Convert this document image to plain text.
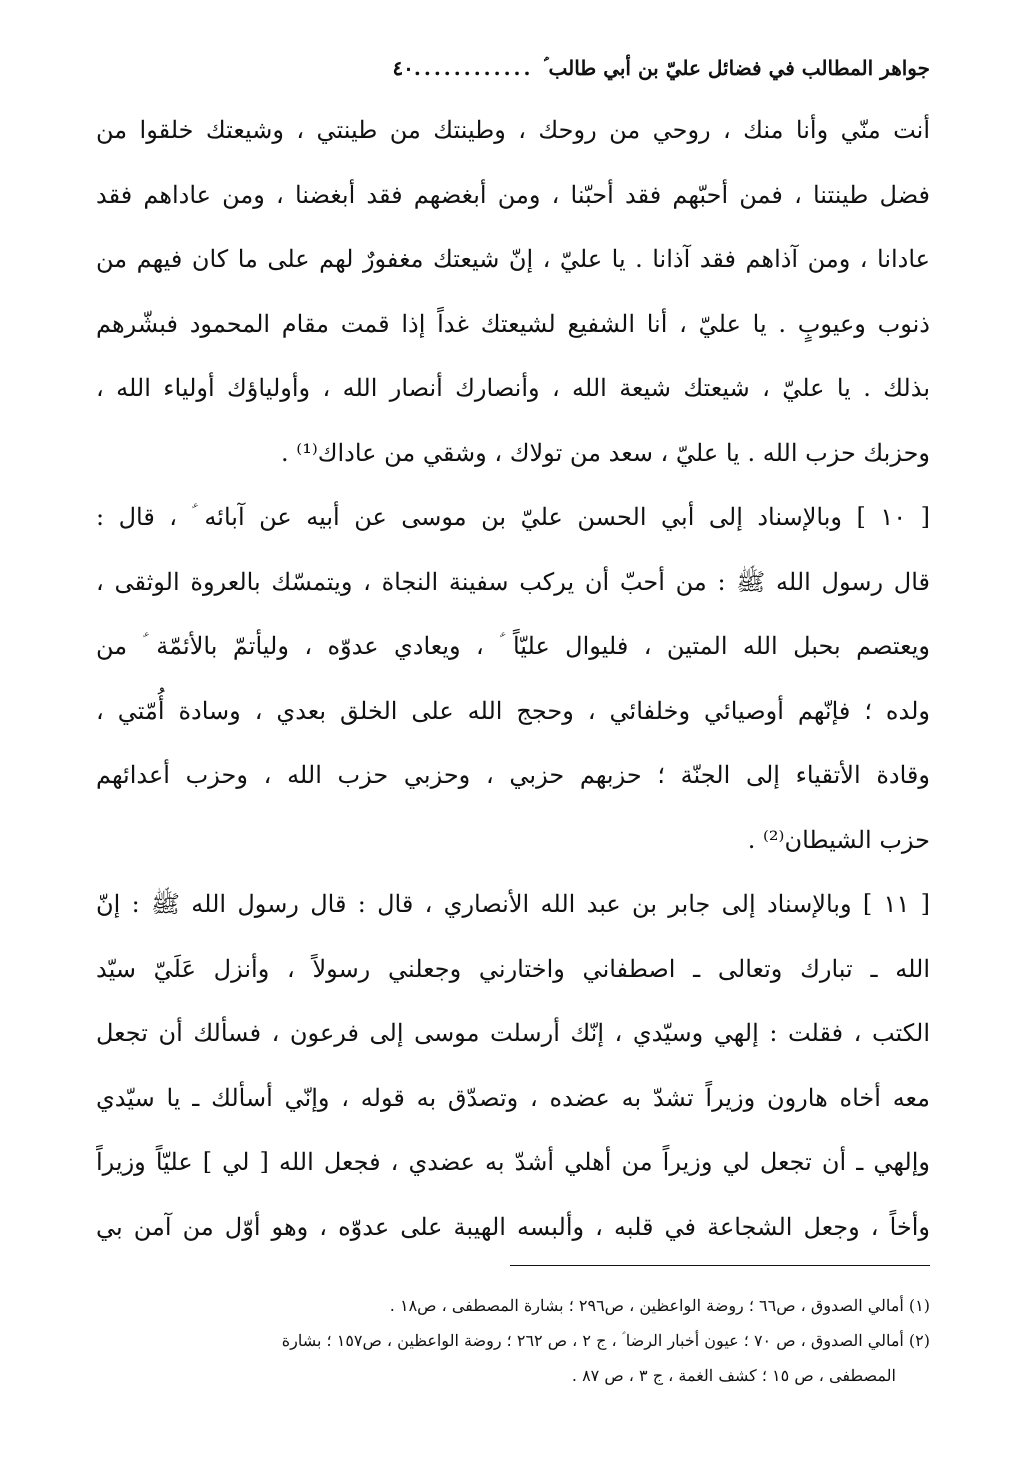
جواهر المطالب في فضائل عليّ بن أبي طالب ؑ
............
٤٠
أنت منّي وأنا منك ، روحي من روحك ، وطينتك من طينتي ، وشيعتك خلقوا من
فضل طينتنا ، فمن أحبّهم فقد أحبّنا ، ومن أبغضهم فقد أبغضنا ، ومن عاداهم فقد
عادانا ، ومن آذاهم فقد آذانا . يا عليّ ، إنّ شيعتك مغفورٌ لهم على ما كان فيهم من
ذنوب وعيوبٍ . يا عليّ ، أنا الشفيع لشيعتك غداً إذا قمت مقام المحمود فبشّرهم
بذلك . يا عليّ ، شيعتك شيعة الله ، وأنصارك أنصار الله ، وأولياؤك أولياء الله ،
وحزبك حزب الله . يا عليّ ، سعد من تولاك ، وشقي من عاداك⁽¹⁾ .
[ ١٠ ] وبالإسناد إلى أبي الحسن عليّ بن موسى عن أبيه عن آبائه ؑ ، قال :
قال رسول الله ﷺ : من أحبّ أن يركب سفينة النجاة ، ويتمسّك بالعروة الوثقى ،
ويعتصم بحبل الله المتين ، فليوال عليّاً ؑ ، ويعادي عدوّه ، وليأتمّ بالأئمّة ؑ من
ولده ؛ فإنّهم أوصيائي وخلفائي ، وحجج الله على الخلق بعدي ، وسادة أُمّتي ،
وقادة الأتقياء إلى الجنّة ؛ حزبهم حزبي ، وحزبي حزب الله ، وحزب أعدائهم
حزب الشيطان⁽²⁾ .
[ ١١ ] وبالإسناد إلى جابر بن عبد الله الأنصاري ، قال : قال رسول الله ﷺ : إنّ
الله ـ تبارك وتعالى ـ اصطفاني واختارني وجعلني رسولاً ، وأنزل عَلَيّ سيّد
الكتب ، فقلت : إلهي وسيّدي ، إنّك أرسلت موسى إلى فرعون ، فسألك أن تجعل
معه أخاه هارون وزيراً تشدّ به عضده ، وتصدّق به قوله ، وإنّي أسألك ـ يا سيّدي
وإلهي ـ أن تجعل لي وزيراً من أهلي أشدّ به عضدي ، فجعل الله [ لي ] عليّاً وزيراً
وأخاً ، وجعل الشجاعة في قلبه ، وألبسه الهيبة على عدوّه ، وهو أوّل من آمن بي
(١) أمالي الصدوق ، ص٦٦ ؛ روضة الواعظين ، ص٢٩٦ ؛ بشارة المصطفى ، ص١٨ .
(٢) أمالي الصدوق ، ص ٧٠ ؛ عيون أخبار الرضا ؑ ، ج ٢ ، ص ٢٦٢ ؛ روضة الواعظين ، ص١٥٧ ؛ بشارة
المصطفى ، ص ١٥ ؛ كشف الغمة ، ج ٣ ، ص ٨٧ .
